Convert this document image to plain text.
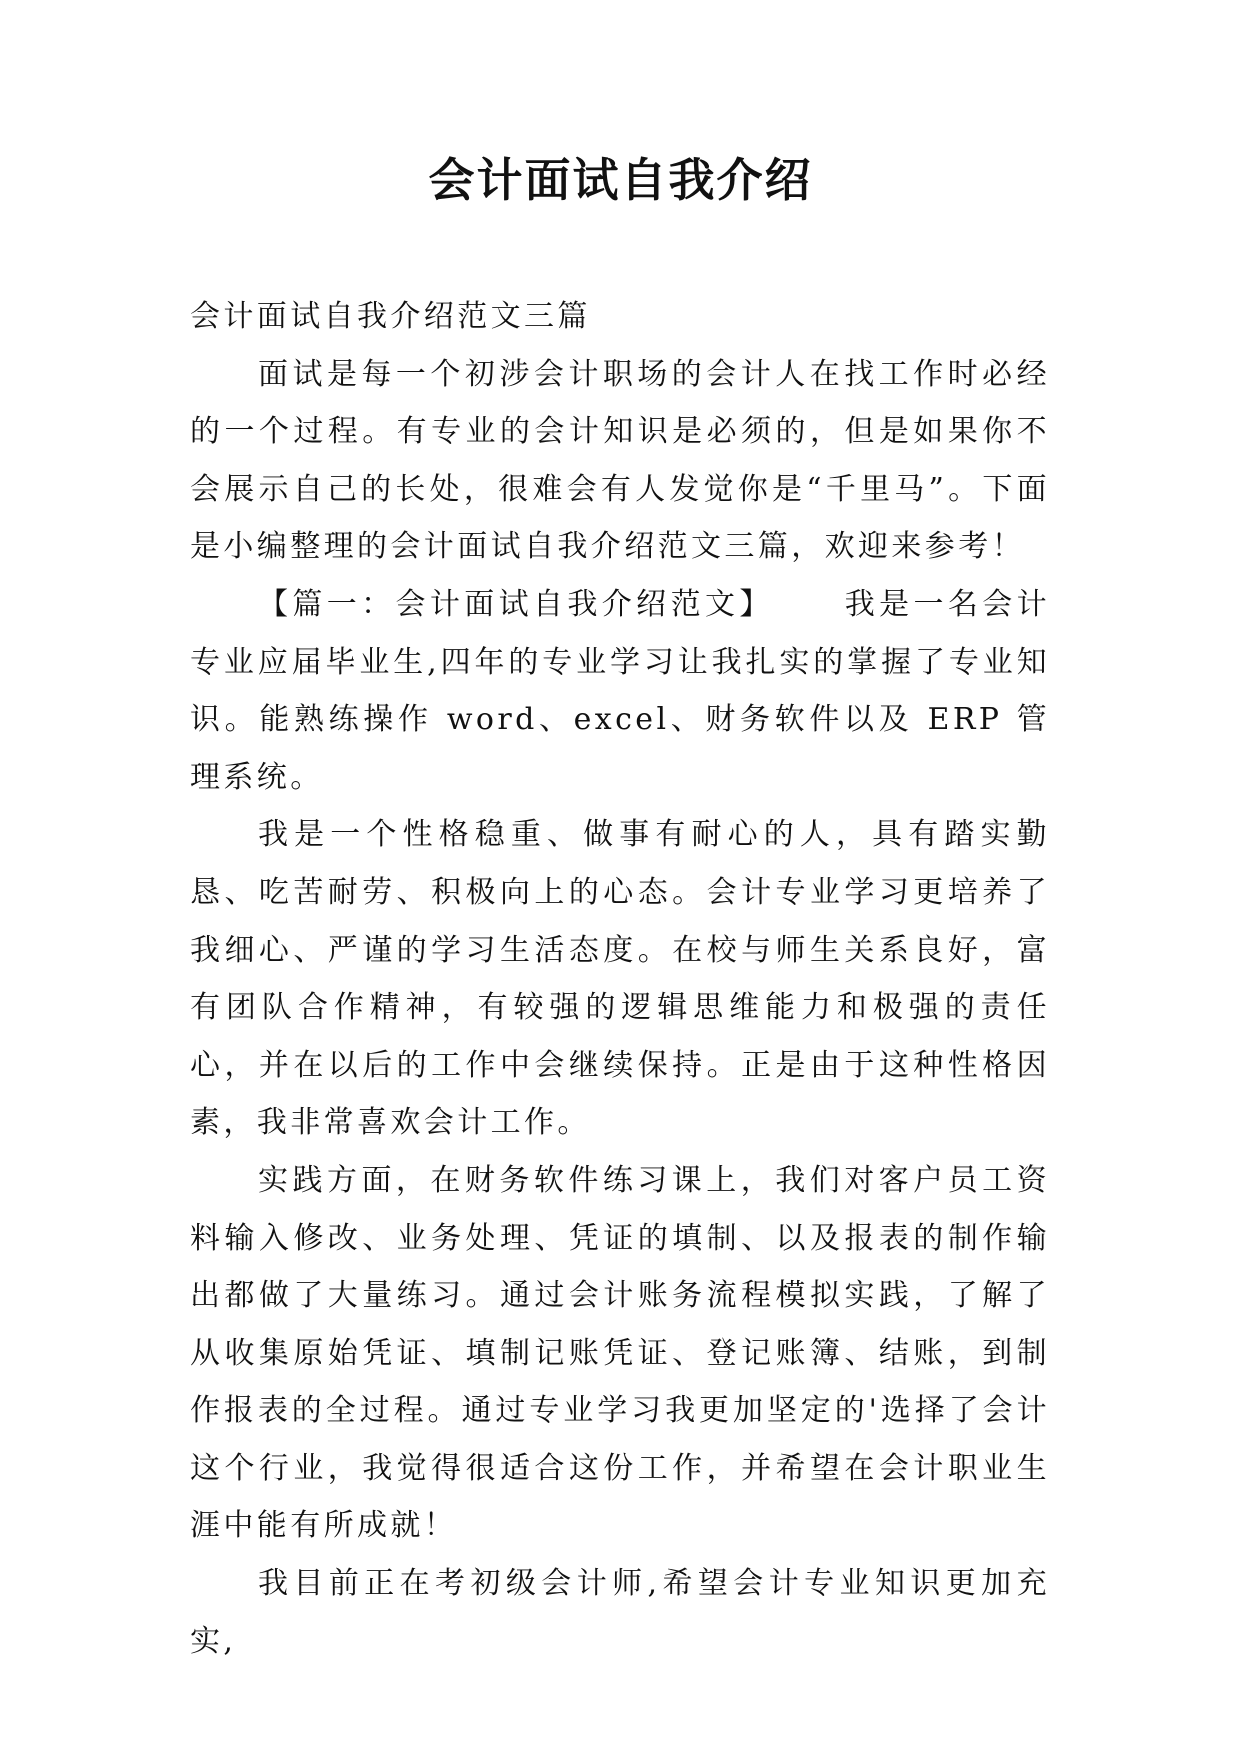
会计面试自我介绍

会计面试自我介绍范文三篇

面试是每一个初涉会计职场的会计人在找工作时必经的一个过程。有专业的会计知识是必须的，但是如果你不会展示自己的长处，很难会有人发觉你是“千里马”。下面是小编整理的会计面试自我介绍范文三篇，欢迎来参考！

【篇一：会计面试自我介绍范文】 我是一名会计专业应届毕业生,四年的专业学习让我扎实的掌握了专业知识。能熟练操作 word、excel、财务软件以及 ERP 管理系统。

我是一个性格稳重、做事有耐心的人，具有踏实勤恳、吃苦耐劳、积极向上的心态。会计专业学习更培养了我细心、严谨的学习生活态度。在校与师生关系良好，富有团队合作精神，有较强的逻辑思维能力和极强的责任心，并在以后的工作中会继续保持。正是由于这种性格因素，我非常喜欢会计工作。

实践方面，在财务软件练习课上，我们对客户员工资料输入修改、业务处理、凭证的填制、以及报表的制作输出都做了大量练习。通过会计账务流程模拟实践，了解了从收集原始凭证、填制记账凭证、登记账簿、结账，到制作报表的全过程。通过专业学习我更加坚定的'选择了会计这个行业，我觉得很适合这份工作，并希望在会计职业生涯中能有所成就！

我目前正在考初级会计师,希望会计专业知识更加充实,
